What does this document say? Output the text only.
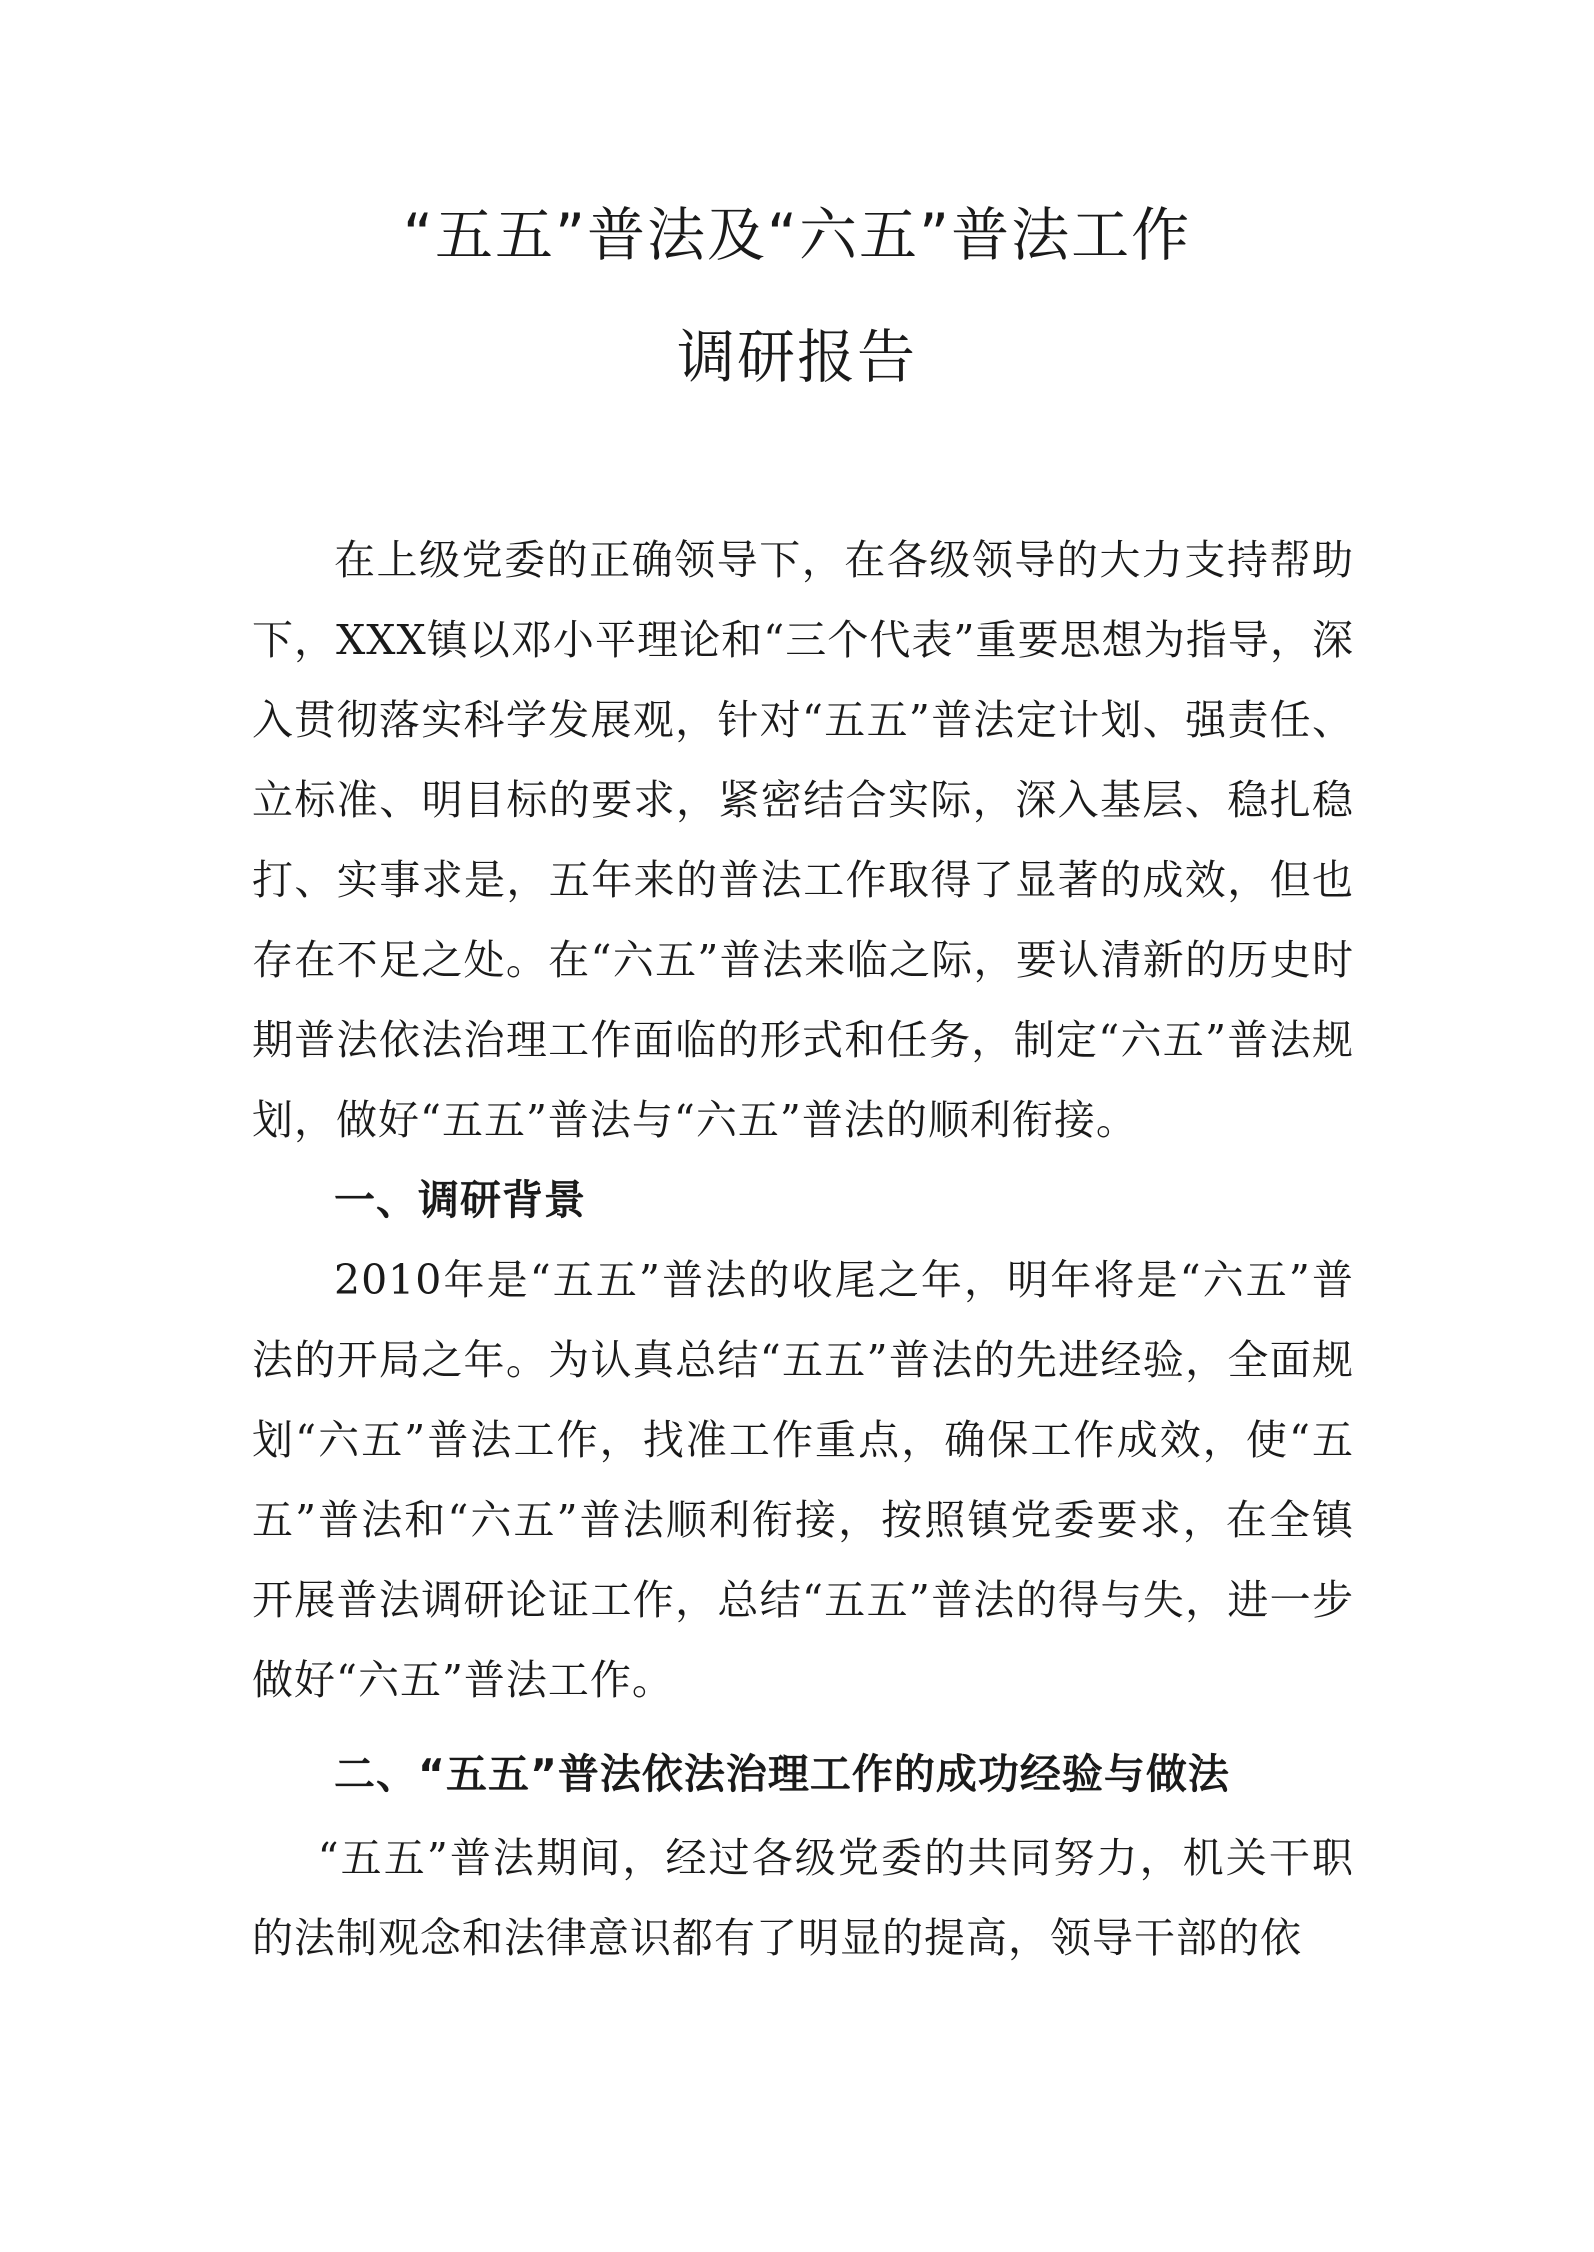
“五五”普法及“六五”普法工作
调研报告

在上级党委的正确领导下，在各级领导的大力支持帮助下，XXX镇以邓小平理论和“三个代表”重要思想为指导，深入贯彻落实科学发展观，针对“五五”普法定计划、强责任、立标准、明目标的要求，紧密结合实际，深入基层、稳扎稳打、实事求是，五年来的普法工作取得了显著的成效，但也存在不足之处。在“六五”普法来临之际，要认清新的历史时期普法依法治理工作面临的形式和任务，制定“六五”普法规划，做好“五五”普法与“六五”普法的顺利衔接。

一、调研背景

2010年是“五五”普法的收尾之年，明年将是“六五”普法的开局之年。为认真总结“五五”普法的先进经验，全面规划“六五”普法工作，找准工作重点，确保工作成效，使“五五”普法和“六五”普法顺利衔接，按照镇党委要求，在全镇开展普法调研论证工作，总结“五五”普法的得与失，进一步做好“六五”普法工作。

二、“五五”普法依法治理工作的成功经验与做法

“五五”普法期间，经过各级党委的共同努力，机关干职的法制观念和法律意识都有了明显的提高，领导干部的依
